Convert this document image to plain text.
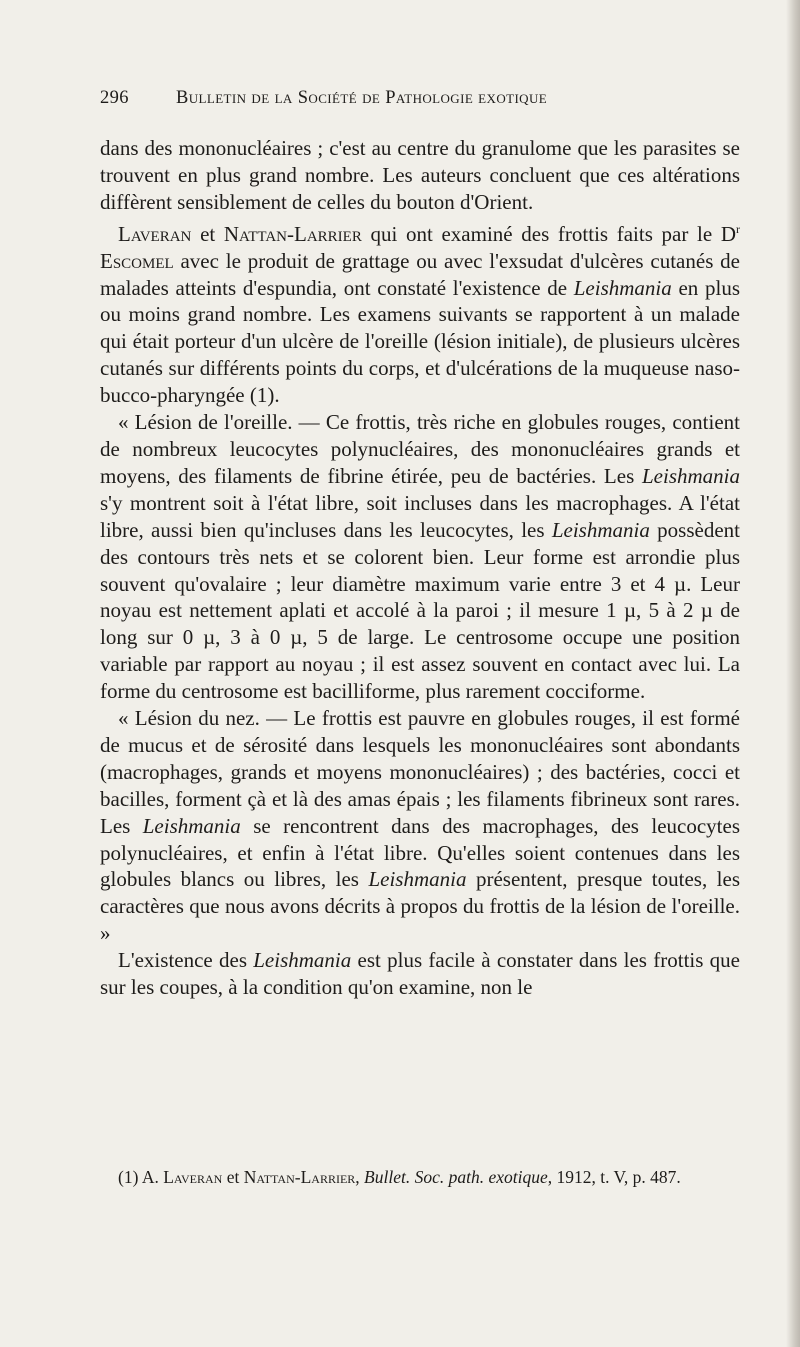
296	Bulletin de la Société de Pathologie exotique

dans des mononucléaires ; c'est au centre du granulome que les parasites se trouvent en plus grand nombre. Les auteurs concluent que ces altérations diffèrent sensiblement de celles du bouton d'Orient.

Laveran et Nattan-Larrier qui ont examiné des frottis faits par le $D^r$ Escomel avec le produit de grattage ou avec l'exsudat d'ulcères cutanés de malades atteints d'espundia, ont constaté l'existence de Leishmania en plus ou moins grand nombre. Les examens suivants se rapportent à un malade qui était porteur d'un ulcère de l'oreille (lésion initiale), de plusieurs ulcères cutanés sur différents points du corps, et d'ulcérations de la muqueuse naso-bucco-pharyngée (1).

« Lésion de l'oreille. — Ce frottis, très riche en globules rouges, contient de nombreux leucocytes polynucléaires, des mononucléaires grands et moyens, des filaments de fibrine étirée, peu de bactéries. Les Leishmania s'y montrent soit à l'état libre, soit incluses dans les macrophages. A l'état libre, aussi bien qu'incluses dans les leucocytes, les Leishmania possèdent des contours très nets et se colorent bien. Leur forme est arrondie plus souvent qu'ovalaire ; leur diamètre maximum varie entre 3 et 4 µ. Leur noyau est nettement aplati et accolé à la paroi ; il mesure 1 µ, 5 à 2 µ de long sur 0 µ, 3 à 0 µ, 5 de large. Le centrosome occupe une position variable par rapport au noyau ; il est assez souvent en contact avec lui. La forme du centrosome est bacilliforme, plus rarement cocciforme.

« Lésion du nez. — Le frottis est pauvre en globules rouges, il est formé de mucus et de sérosité dans lesquels les mononucléaires sont abondants (macrophages, grands et moyens mononucléaires) ; des bactéries, cocci et bacilles, forment çà et là des amas épais ; les filaments fibrineux sont rares. Les Leishmania se rencontrent dans des macrophages, des leucocytes polynucléaires, et enfin à l'état libre. Qu'elles soient contenues dans les globules blancs ou libres, les Leishmania présentent, presque toutes, les caractères que nous avons décrits à propos du frottis de la lésion de l'oreille. »

L'existence des Leishmania est plus facile à constater dans les frottis que sur les coupes, à la condition qu'on examine, non le

(1) A. Laveran et Nattan-Larrier, Bullet. Soc. path. exotique, 1912, t. V, p. 487.
